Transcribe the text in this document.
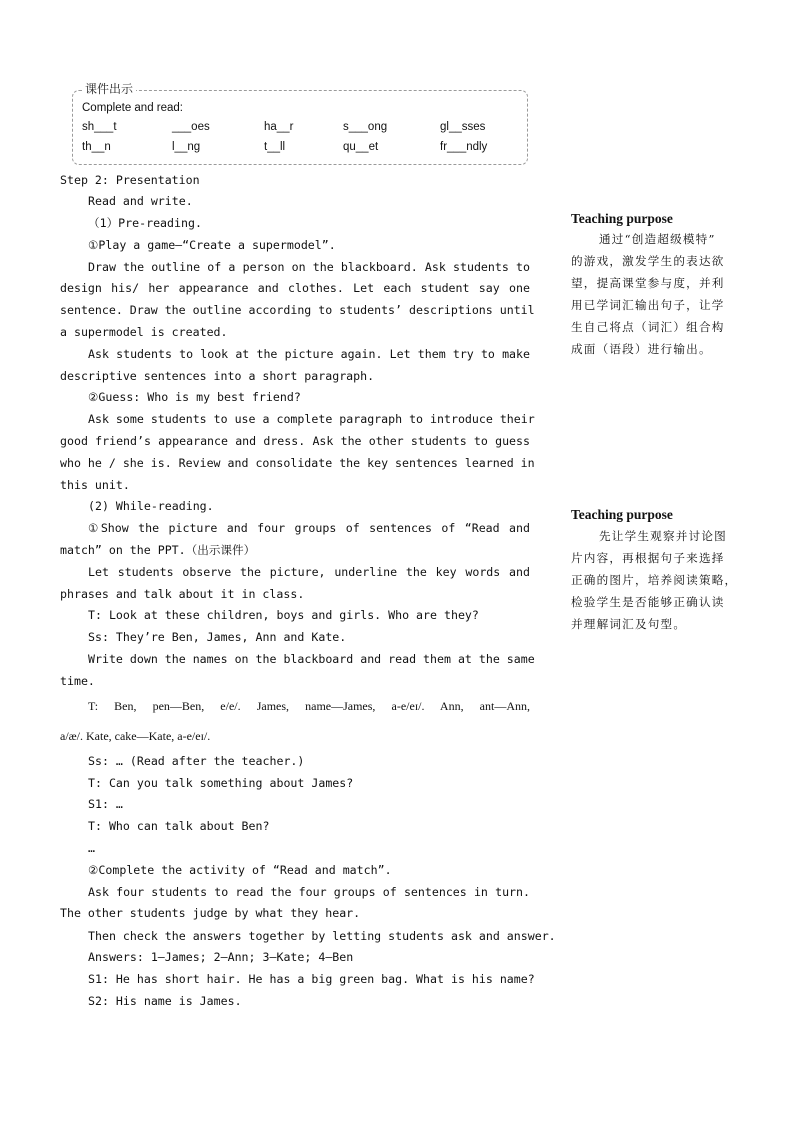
课件出示
Complete and read:
sh___t	___oes	ha__r	s___ong	gl__sses
th__n	l__ng	t__ll	qu__et	fr___ndly
Step 2: Presentation
Read and write.
（1）Pre-reading.
①Play a game—“Create a supermodel”.
Draw the outline of a person on the blackboard. Ask students to
design his/ her appearance and clothes. Let each student say one
sentence. Draw the outline according to students’ descriptions until
a supermodel is created.
Ask students to look at the picture again. Let them try to make
descriptive sentences into a short paragraph.
②Guess: Who is my best friend?
Ask some students to use a complete paragraph to introduce their
good friend’s appearance and dress. Ask the other students to guess
who he / she is. Review and consolidate the key sentences learned in
this unit.
(2) While-reading.
①Show the picture and four groups of sentences of “Read and
match” on the PPT.（出示课件）
Let students observe the picture, underline the key words and
phrases and talk about it in class.
T: Look at these children, boys and girls. Who are they?
Ss: They’re Ben, James, Ann and Kate.
Write down the names on the blackboard and read them at the same
time.
T: Ben, pen—Ben, e/e/. James, name—James, a-e/eɪ/. Ann, ant—Ann,
a/æ/. Kate, cake—Kate, a-e/eɪ/.
Ss: … (Read after the teacher.)
T: Can you talk something about James?
S1: …
T: Who can talk about Ben?
…
②Complete the activity of “Read and match”.
Ask four students to read the four groups of sentences in turn.
The other students judge by what they hear.
Then check the answers together by letting students ask and answer.
Answers: 1—James; 2—Ann; 3—Kate; 4—Ben
S1: He has short hair. He has a big green bag. What is his name?
S2: His name is James.
Teaching purpose
通过“创造超级模特”
的游戏，激发学生的表达欲
望，提高课堂参与度，并利
用已学词汇输出句子，让学
生自己将点（词汇）组合构
成面（语段）进行输出。
Teaching purpose
先让学生观察并讨论图
片内容，再根据句子来选择
正确的图片，培养阅读策略，
检验学生是否能够正确认读
并理解词汇及句型。
